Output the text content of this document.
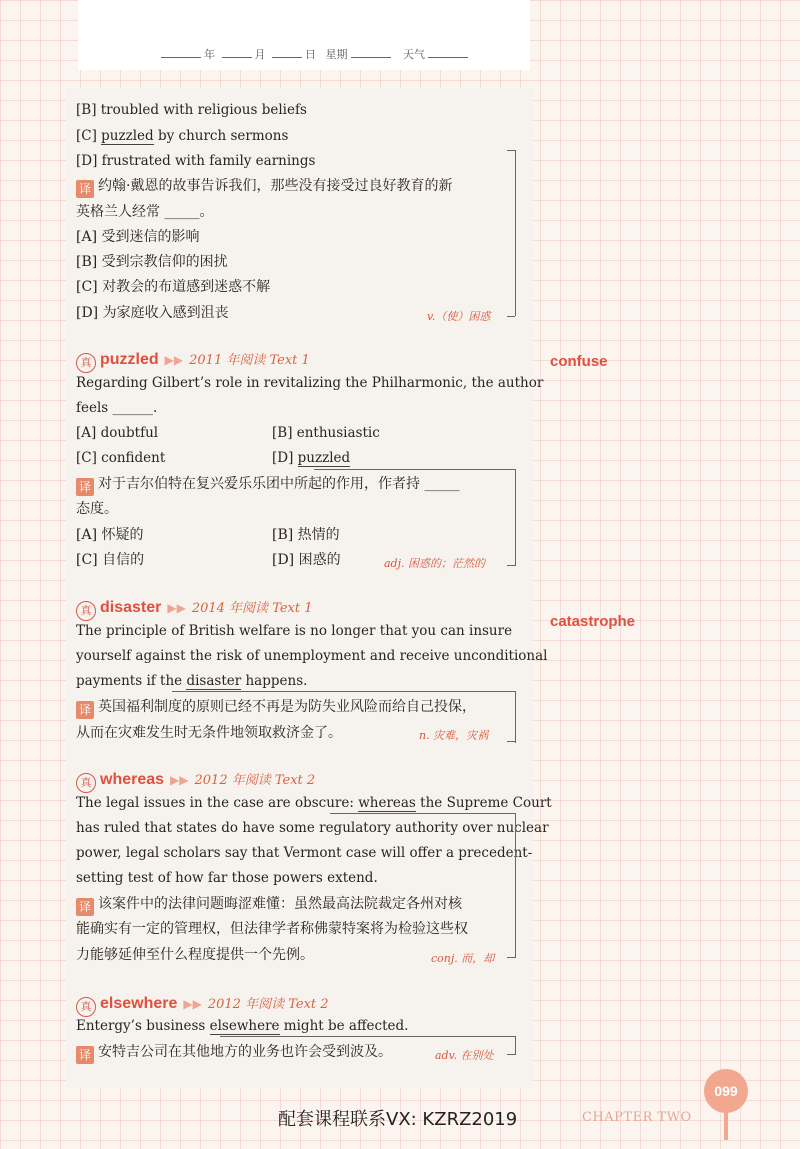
年	月	日 星期	天气
[B] troubled with religious beliefs
[C] puzzled by church sermons
[D] frustrated with family earnings
译 约翰·戴恩的故事告诉我们，那些没有接受过良好教育的新
英格兰人经常 _____。
[A] 受到迷信的影响
[B] 受到宗教信仰的困扰
[C] 对教会的布道感到迷惑不解
[D] 为家庭收入感到沮丧	v.（使）困惑
真 puzzled ▶▶ 2011 年阅读 Text 1	confuse
Regarding Gilbert’s role in revitalizing the Philharmonic, the author
feels ______.
[A] doubtful	[B] enthusiastic
[C] confident	[D] puzzled
译 对于吉尔伯特在复兴爱乐乐团中所起的作用，作者持 _____
态度。
[A] 怀疑的	[B] 热情的
[C] 自信的	[D] 困惑的	adj. 困惑的；茫然的
真 disaster ▶▶ 2014 年阅读 Text 1
catastrophe
The principle of British welfare is no longer that you can insure
yourself against the risk of unemployment and receive unconditional
payments if the disaster happens.
译 英国福利制度的原则已经不再是为防失业风险而给自己投保，
从而在灾难发生时无条件地领取救济金了。	n. 灾难，灾祸
真 whereas ▶▶ 2012 年阅读 Text 2
The legal issues in the case are obscure: whereas the Supreme Court
has ruled that states do have some regulatory authority over nuclear
power, legal scholars say that Vermont case will offer a precedent-
setting test of how far those powers extend.
译 该案件中的法律问题晦涩难懂：虽然最高法院裁定各州对核
能确实有一定的管理权，但法律学者称佛蒙特案将为检验这些权
力能够延伸至什么程度提供一个先例。	conj. 而，却
真 elsewhere ▶▶ 2012 年阅读 Text 2
Entergy’s business elsewhere might be affected.
译 安特吉公司在其他地方的业务也许会受到波及。	adv. 在别处
配套课程联系VX: KZRZ2019	CHAPTER TWO
099
